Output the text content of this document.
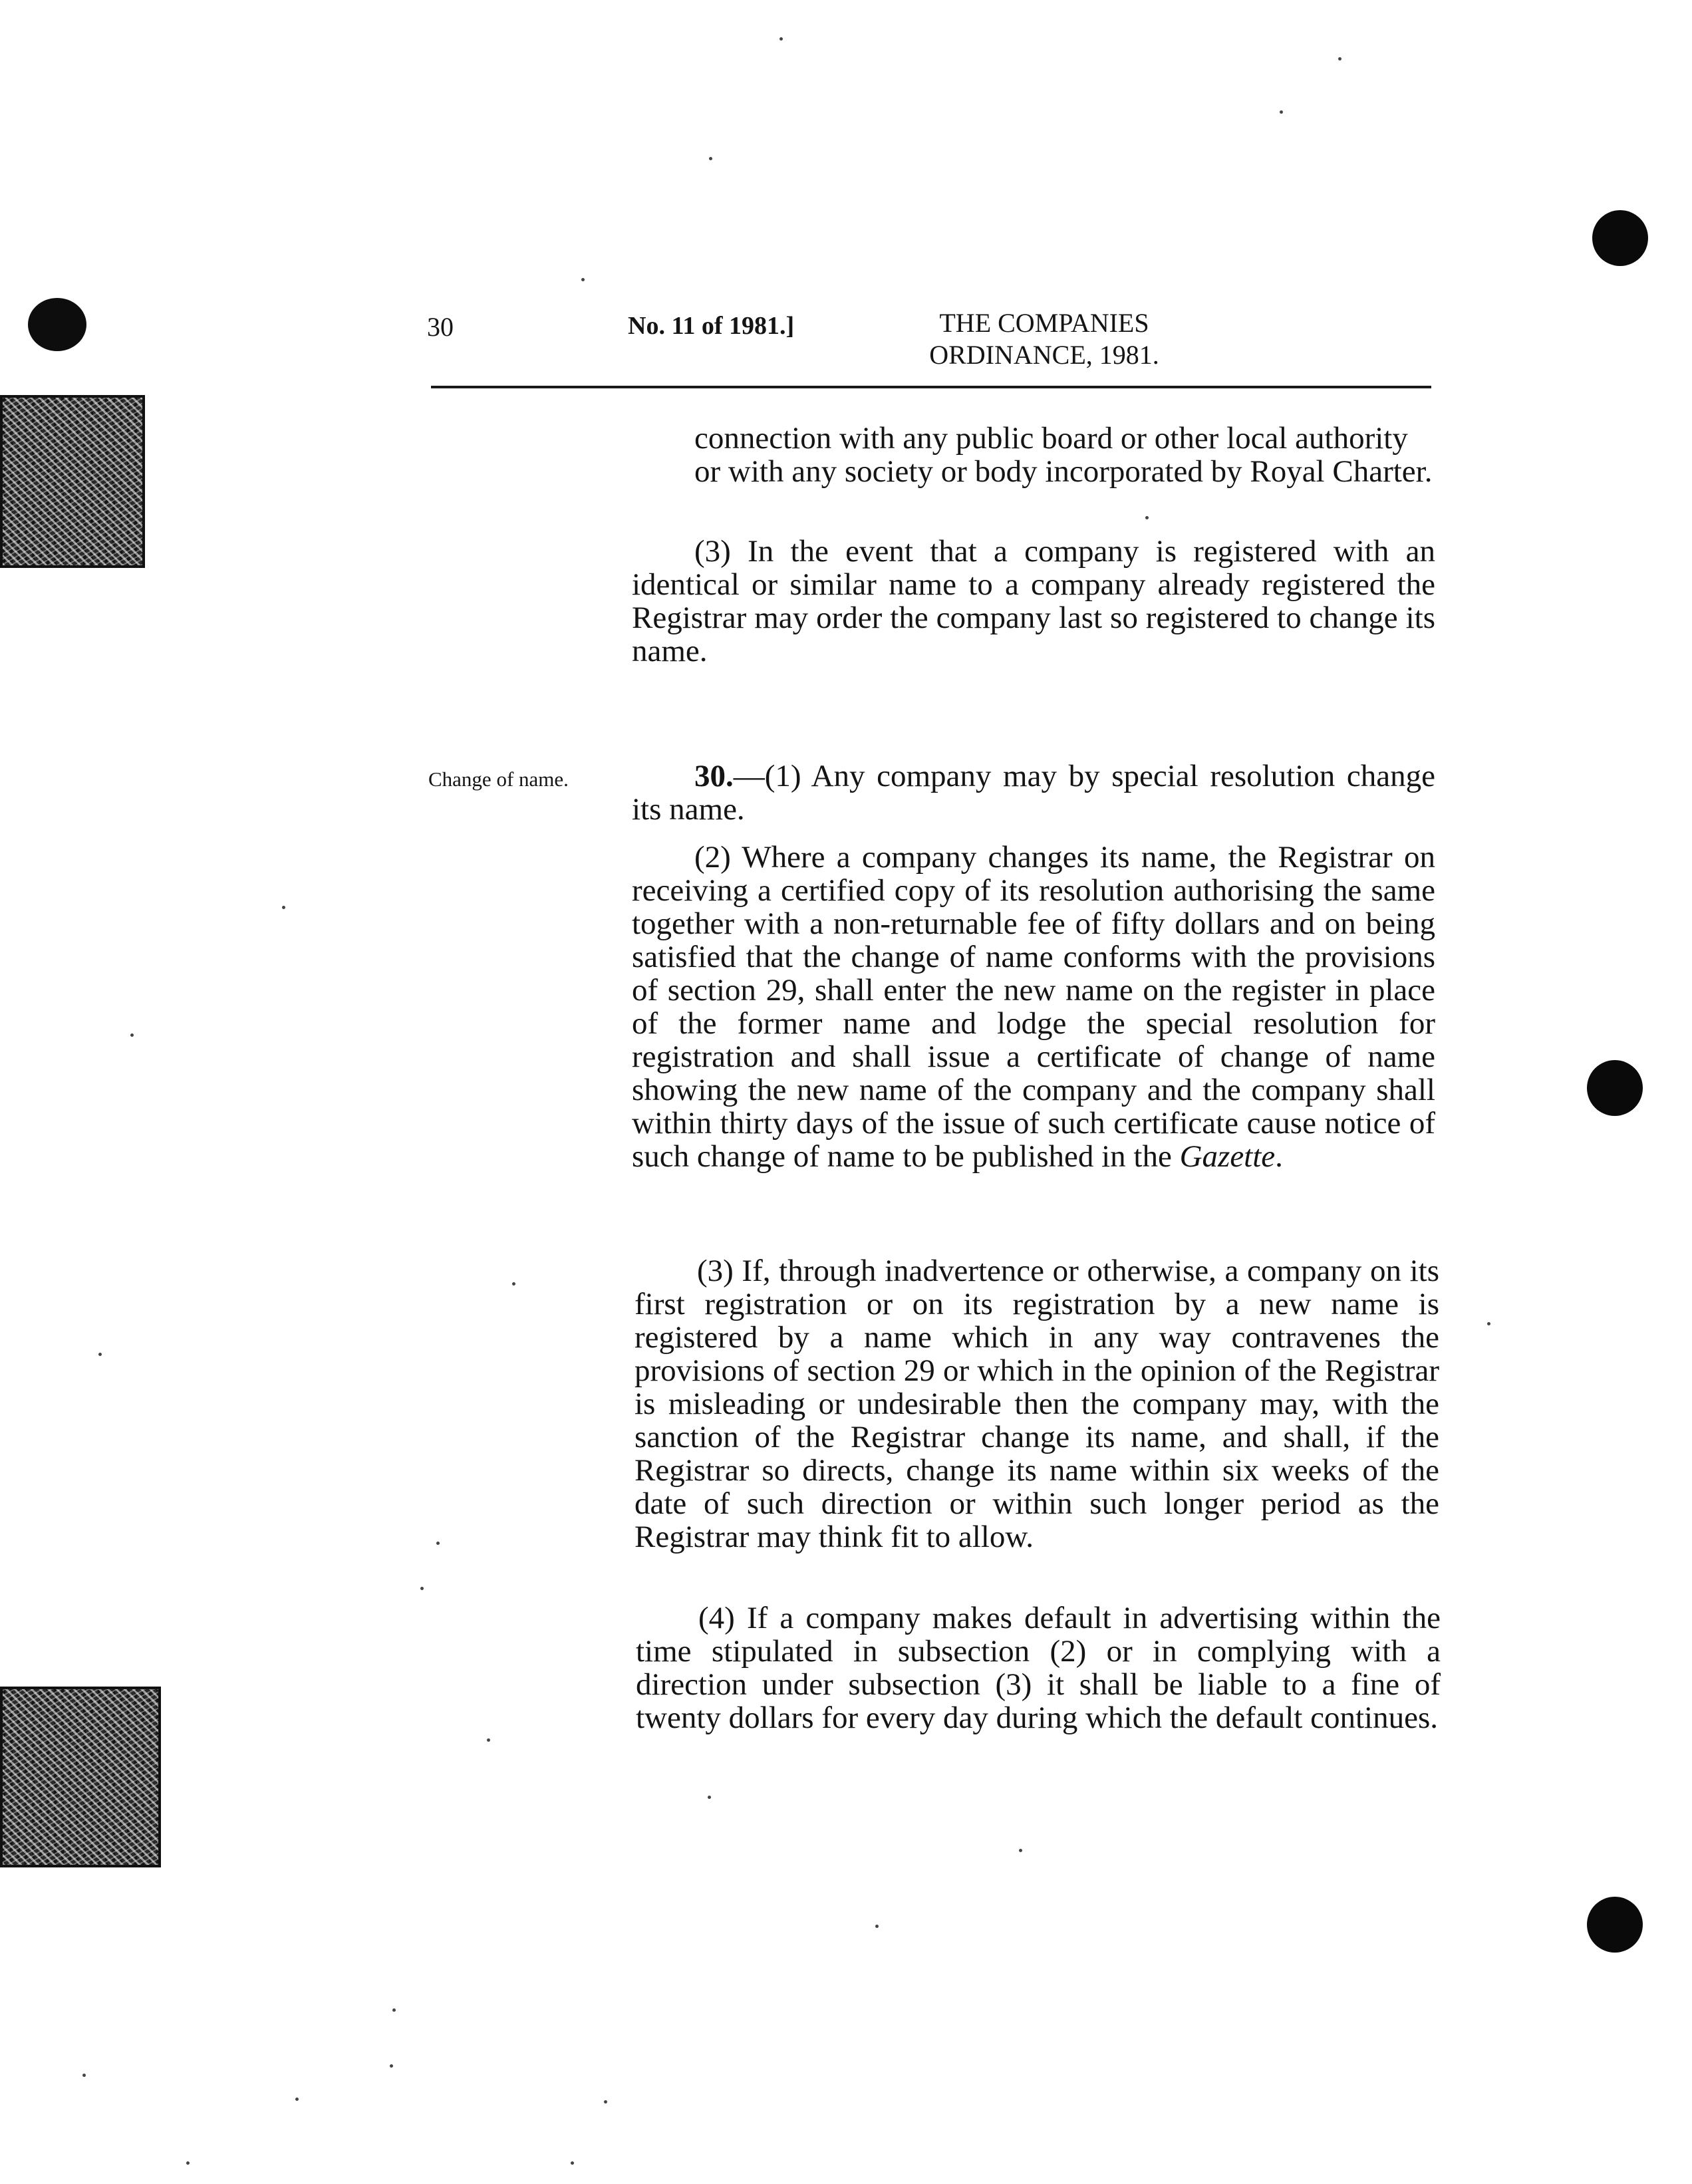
30	No. 11 of 1981.]	THE COMPANIES
ORDINANCE, 1981.

connection with any public board or other local authority or with any society or body incorporated by Royal Charter.

(3) In the event that a company is registered with an identical or similar name to a company already registered the Registrar may order the company last so registered to change its name.

Change of name.	30.—(1) Any company may by special resolution change its name.

(2) Where a company changes its name, the Registrar on receiving a certified copy of its resolution authorising the same together with a non-returnable fee of fifty dollars and on being satisfied that the change of name conforms with the provisions of section 29, shall enter the new name on the register in place of the former name and lodge the special resolution for registration and shall issue a certificate of change of name showing the new name of the company and the company shall within thirty days of the issue of such certificate cause notice of such change of name to be published in the Gazette.

(3) If, through inadvertence or otherwise, a company on its first registration or on its registration by a new name is registered by a name which in any way contravenes the provisions of section 29 or which in the opinion of the Registrar is misleading or undesirable then the company may, with the sanction of the Registrar change its name, and shall, if the Registrar so directs, change its name within six weeks of the date of such direction or within such longer period as the Registrar may think fit to allow.

(4) If a company makes default in advertising within the time stipulated in subsection (2) or in complying with a direction under subsection (3) it shall be liable to a fine of twenty dollars for every day during which the default continues.
